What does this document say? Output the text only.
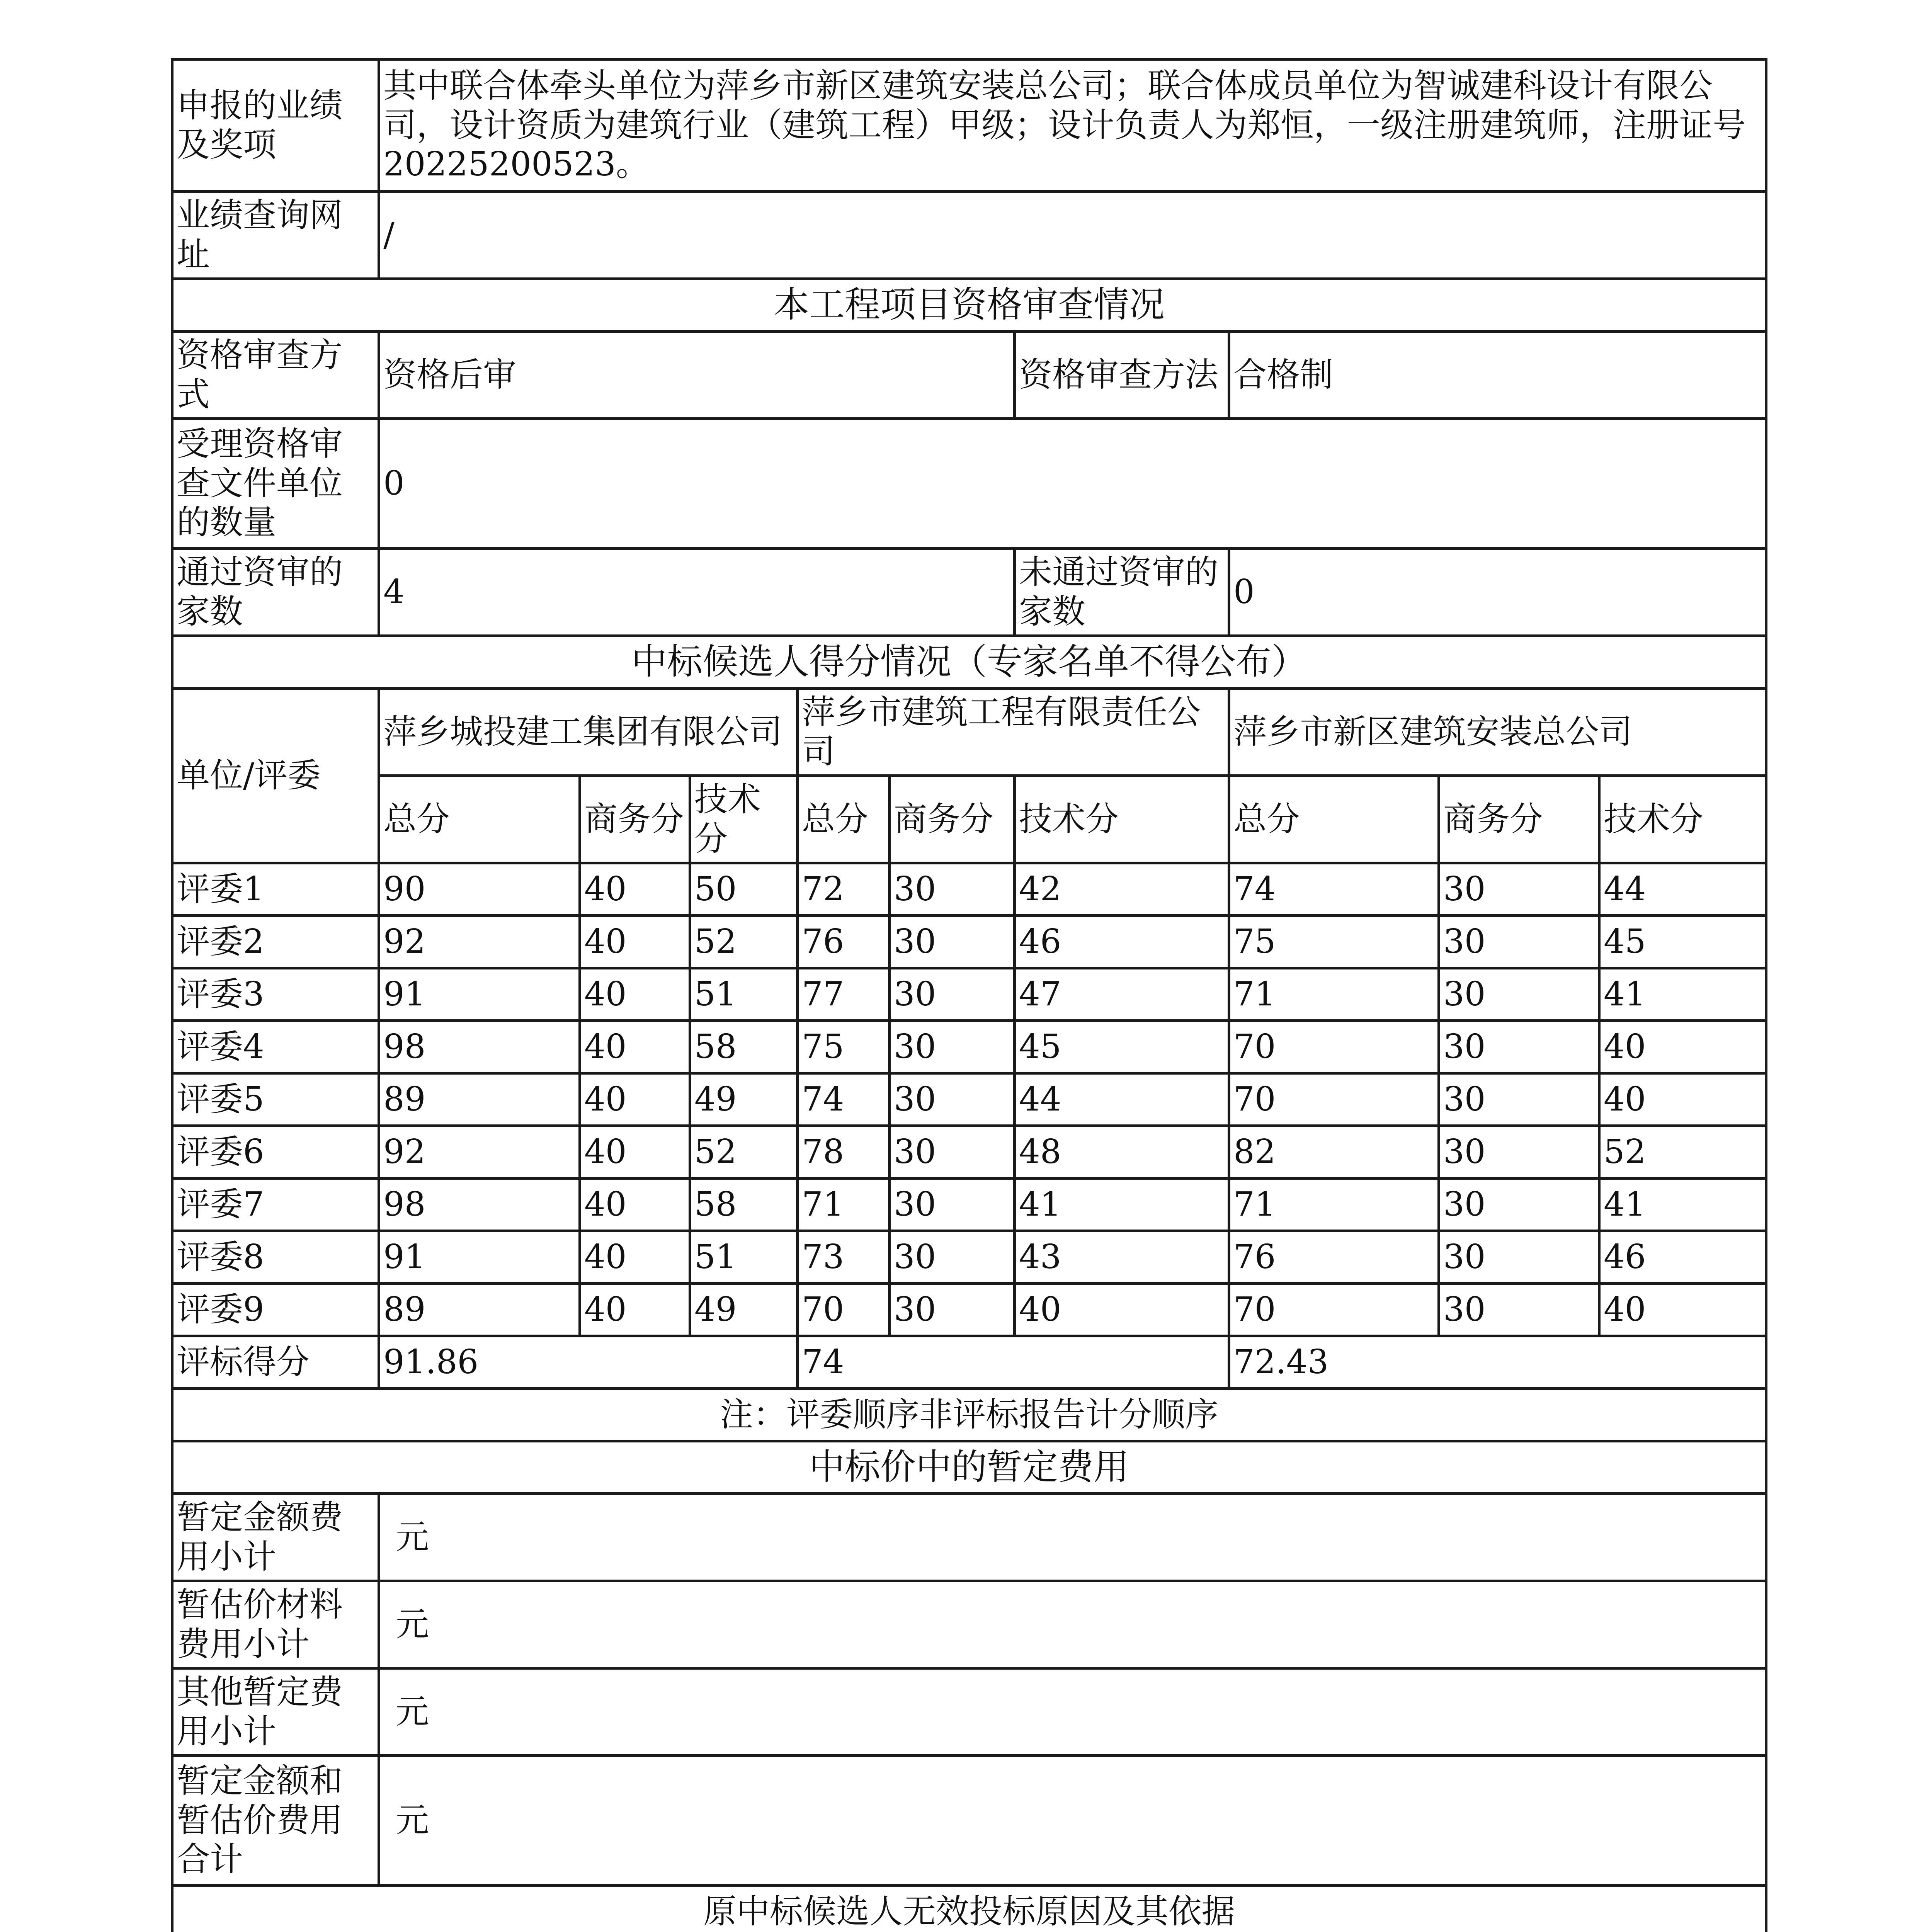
申报的业绩及奖项	其中联合体牵头单位为萍乡市新区建筑安装总公司；联合体成员单位为智诚建科设计有限公司，设计资质为建筑行业（建筑工程）甲级；设计负责人为郑恒，一级注册建筑师，注册证号20225200523。								
业绩查询网址	/								
本工程项目资格审查情况									
资格审查方式	资格后审					资格审查方法	合格制		
受理资格审查文件单位的数量	0								
通过资审的家数	4					未通过资审的家数	0		
中标候选人得分情况（专家名单不得公布）									
单位/评委	萍乡城投建工集团有限公司			萍乡市建筑工程有限责任公司			萍乡市新区建筑安装总公司		
	总分	商务分	技术分	总分	商务分	技术分	总分	商务分	技术分
评委1	90	40	50	72	30	42	74	30	44
评委2	92	40	52	76	30	46	75	30	45
评委3	91	40	51	77	30	47	71	30	41
评委4	98	40	58	75	30	45	70	30	40
评委5	89	40	49	74	30	44	70	30	40
评委6	92	40	52	78	30	48	82	30	52
评委7	98	40	58	71	30	41	71	30	41
评委8	91	40	51	73	30	43	76	30	46
评委9	89	40	49	70	30	40	70	30	40
评标得分	91.86			74			72.43		
注：评委顺序非评标报告计分顺序									
中标价中的暂定费用									
暂定金额费用小计	元								
暂估价材料费用小计	元								
其他暂定费用小计	元								
暂定金额和暂估价费用合计	元								
原中标候选人无效投标原因及其依据									
